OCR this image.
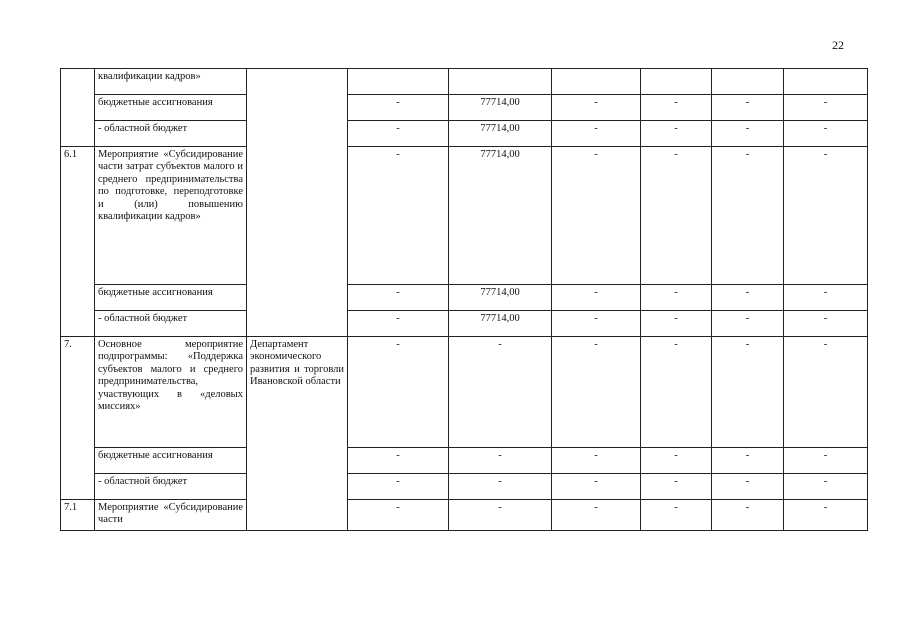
22
	квалификации кадров»							
	бюджетные ассигнования		-	77714,00	-	-	-	-
	- областной бюджет		-	77714,00	-	-	-	-
6.1	Мероприятие «Субсидирование части затрат субъектов малого и среднего предпринимательства по подготовке, переподготовке и (или) повышению квалификации кадров»		-	77714,00	-	-	-	-
	бюджетные ассигнования		-	77714,00	-	-	-	-
	- областной бюджет		-	77714,00	-	-	-	-
7.	Основное мероприятие подпрограммы: «Поддержка субъектов малого и среднего предпринимательства, участвующих в «деловых миссиях»	Департамент экономического развития и торговли Ивановской области	-	-	-	-	-	-
	бюджетные ассигнования		-	-	-	-	-	-
	- областной бюджет		-	-	-	-	-	-
7.1	Мероприятие «Субсидирование части		-	-	-	-	-	-
